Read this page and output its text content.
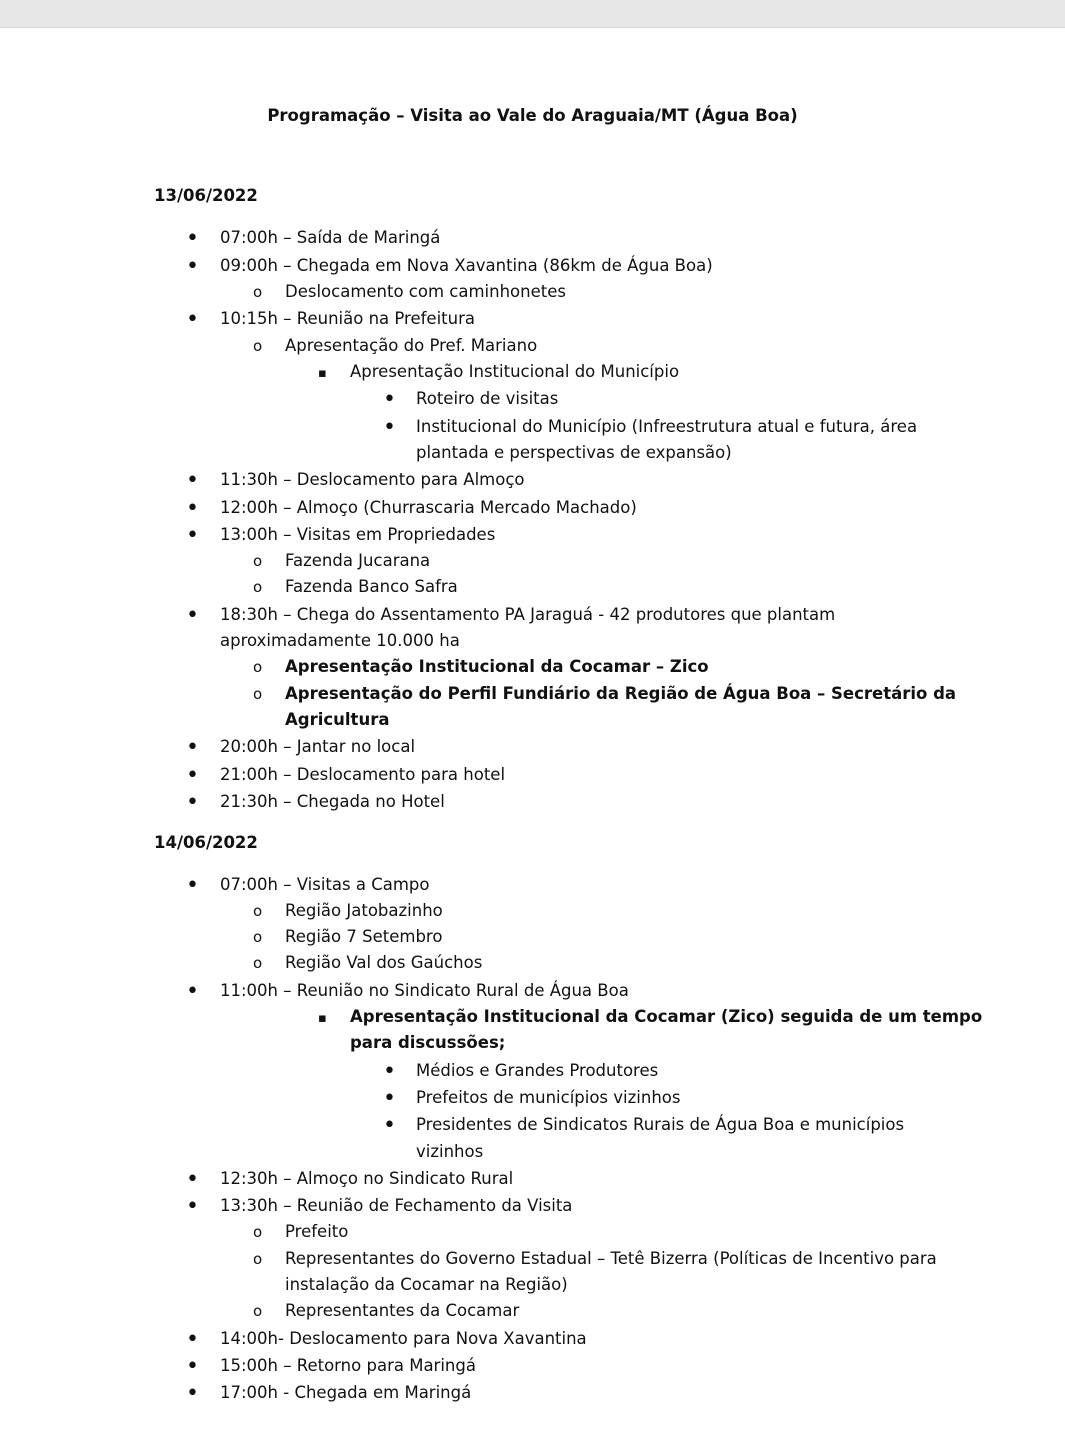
Programação – Visita ao Vale do Araguaia/MT (Água Boa)
13/06/2022
•
07:00h – Saída de Maringá
•
09:00h – Chegada em Nova Xavantina (86km de Água Boa)
o
Deslocamento com caminhonetes
•
10:15h – Reunião na Prefeitura
o
Apresentação do Pref. Mariano
▪
Apresentação Institucional do Município
•
Roteiro de visitas
•
Institucional do Município (Infreestrutura atual e futura, área
plantada e perspectivas de expansão)
•
11:30h – Deslocamento para Almoço
•
12:00h – Almoço (Churrascaria Mercado Machado)
•
13:00h – Visitas em Propriedades
o
Fazenda Jucarana
o
Fazenda Banco Safra
•
18:30h – Chega do Assentamento PA Jaraguá - 42 produtores que plantam
aproximadamente 10.000 ha
o
Apresentação Institucional da Cocamar – Zico
o
Apresentação do Perfil Fundiário da Região de Água Boa – Secretário da
Agricultura
•
20:00h – Jantar no local
•
21:00h – Deslocamento para hotel
•
21:30h – Chegada no Hotel
14/06/2022
•
07:00h – Visitas a Campo
o
Região Jatobazinho
o
Região 7 Setembro
o
Região Val dos Gaúchos
•
11:00h – Reunião no Sindicato Rural de Água Boa
▪
Apresentação Institucional da Cocamar (Zico) seguida de um tempo
para discussões;
•
Médios e Grandes Produtores
•
Prefeitos de municípios vizinhos
•
Presidentes de Sindicatos Rurais de Água Boa e municípios
vizinhos
•
12:30h – Almoço no Sindicato Rural
•
13:30h – Reunião de Fechamento da Visita
o
Prefeito
o
Representantes do Governo Estadual – Tetê Bizerra (Políticas de Incentivo para
instalação da Cocamar na Região)
o
Representantes da Cocamar
•
14:00h- Deslocamento para Nova Xavantina
•
15:00h – Retorno para Maringá
•
17:00h - Chegada em Maringá
